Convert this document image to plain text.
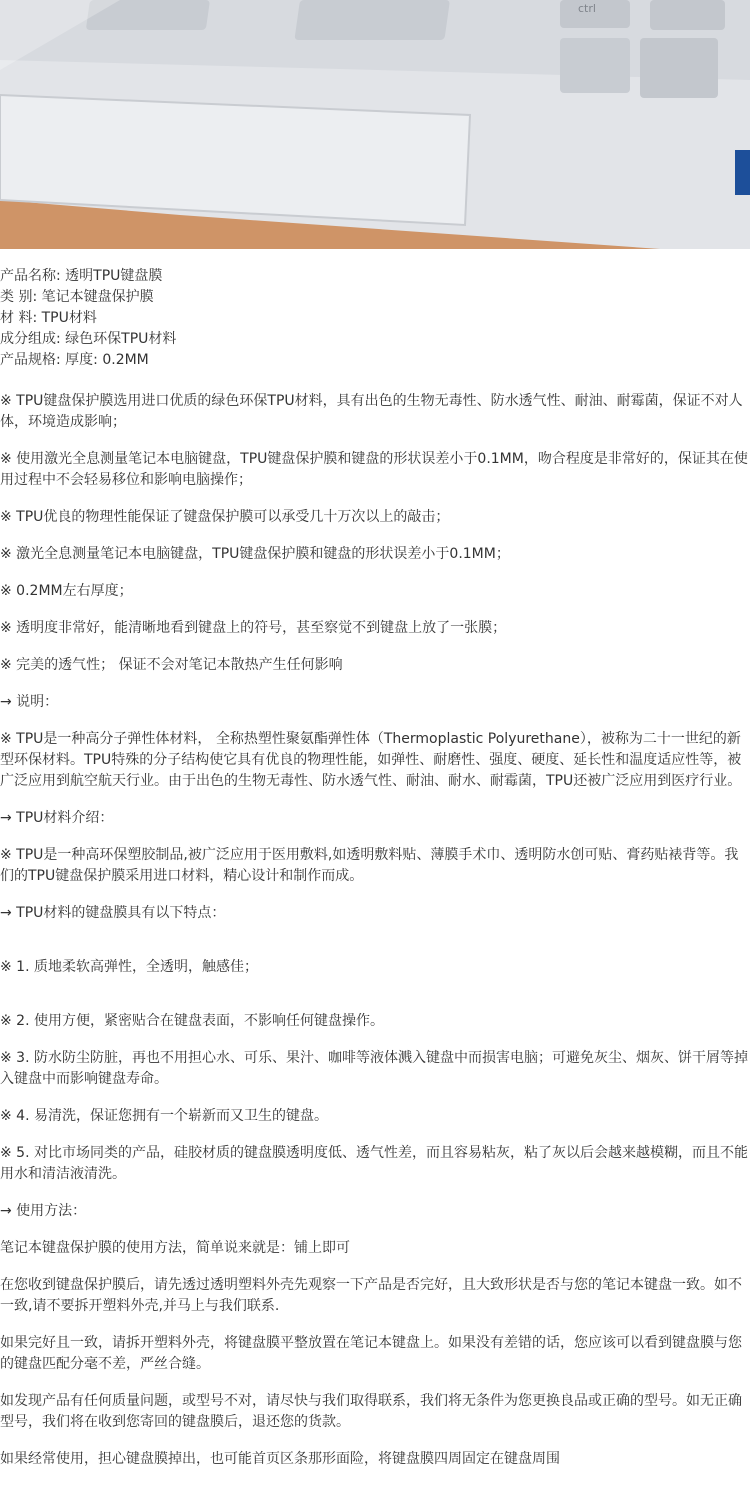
ctrl

产品名称: 透明TPU键盘膜

类 别: 笔记本键盘保护膜

材 料: TPU材料

成分组成: 绿色环保TPU材料

产品规格: 厚度: 0.2MM

※ TPU键盘保护膜选用进口优质的绿色环保TPU材料，具有出色的生物无毒性、防水透气性、耐油、耐霉菌，保证不对人体，环境造成影响；

※ 使用激光全息测量笔记本电脑键盘，TPU键盘保护膜和键盘的形状误差小于0.1MM，吻合程度是非常好的，保证其在使用过程中不会轻易移位和影响电脑操作；

※ TPU优良的物理性能保证了键盘保护膜可以承受几十万次以上的敲击；

※ 激光全息测量笔记本电脑键盘，TPU键盘保护膜和键盘的形状误差小于0.1MM；

※ 0.2MM左右厚度；

※ 透明度非常好，能清晰地看到键盘上的符号，甚至察觉不到键盘上放了一张膜；

※ 完美的透气性； 保证不会对笔记本散热产生任何影响

→ 说明：

※ TPU是一种高分子弹性体材料， 全称热塑性聚氨酯弹性体（Thermoplastic Polyurethane），被称为二十一世纪的新型环保材料。TPU特殊的分子结构使它具有优良的物理性能，如弹性、耐磨性、强度、硬度、延长性和温度适应性等，被广泛应用到航空航天行业。由于出色的生物无毒性、防水透气性、耐油、耐水、耐霉菌，TPU还被广泛应用到医疗行业。

→ TPU材料介绍：

※ TPU是一种高环保塑胶制品,被广泛应用于医用敷料,如透明敷料贴、薄膜手术巾、透明防水创可贴、膏药贴裱背等。我们的TPU键盘保护膜采用进口材料，精心设计和制作而成。

→ TPU材料的键盘膜具有以下特点：

※ 1. 质地柔软高弹性，全透明，触感佳；

※ 2. 使用方便，紧密贴合在键盘表面，不影响任何键盘操作。

※ 3. 防水防尘防脏，再也不用担心水、可乐、果汁、咖啡等液体溅入键盘中而损害电脑；可避免灰尘、烟灰、饼干屑等掉入键盘中而影响键盘寿命。

※ 4. 易清洗，保证您拥有一个崭新而又卫生的键盘。

※ 5. 对比市场同类的产品，硅胶材质的键盘膜透明度低、透气性差，而且容易粘灰，粘了灰以后会越来越模糊，而且不能用水和清洁液清洗。

→ 使用方法：

笔记本键盘保护膜的使用方法，简单说来就是：铺上即可

在您收到键盘保护膜后，请先透过透明塑料外壳先观察一下产品是否完好，且大致形状是否与您的笔记本键盘一致。如不一致,请不要拆开塑料外壳,并马上与我们联系.

如果完好且一致，请拆开塑料外壳，将键盘膜平整放置在笔记本键盘上。如果没有差错的话，您应该可以看到键盘膜与您的键盘匹配分毫不差，严丝合缝。

如发现产品有任何质量问题，或型号不对，请尽快与我们取得联系，我们将无条件为您更换良品或正确的型号。如无正确型号，我们将在收到您寄回的键盘膜后，退还您的货款。

如果经常使用，担心键盘膜掉出，也可能首页区条那形面险，将键盘膜四周固定在键盘周围
